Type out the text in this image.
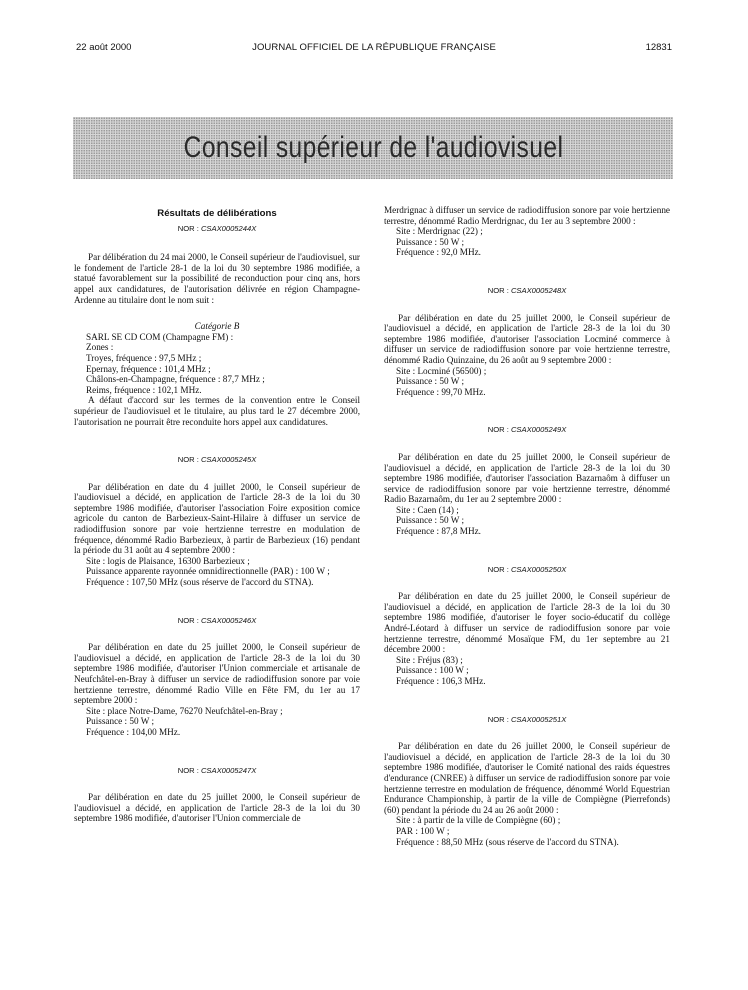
22 août 2000	JOURNAL OFFICIEL DE LA RÉPUBLIQUE FRANÇAISE	12831
Conseil supérieur de l'audiovisuel
Résultats de délibérations
NOR : CSAX0005244X

Par délibération du 24 mai 2000, le Conseil supérieur de l'audiovisuel, sur le fondement de l'article 28-1 de la loi du 30 septembre 1986 modifiée, a statué favorablement sur la possibilité de reconduction pour cinq ans, hors appel aux candidatures, de l'autorisation délivrée en région Champagne-Ardenne au titulaire dont le nom suit :

Catégorie B
SARL SE CD COM (Champagne FM) :
Zones :
Troyes, fréquence : 97,5 MHz ;
Epernay, fréquence : 101,4 MHz ;
Châlons-en-Champagne, fréquence : 87,7 MHz ;
Reims, fréquence : 102,1 MHz.

A défaut d'accord sur les termes de la convention entre le Conseil supérieur de l'audiovisuel et le titulaire, au plus tard le 27 décembre 2000, l'autorisation ne pourrait être reconduite hors appel aux candidatures.

NOR : CSAX0005245X

Par délibération en date du 4 juillet 2000, le Conseil supérieur de l'audiovisuel a décidé, en application de l'article 28-3 de la loi du 30 septembre 1986 modifiée, d'autoriser l'association Foire exposition comice agricole du canton de Barbezieux-Saint-Hilaire à diffuser un service de radiodiffusion sonore par voie hertzienne terrestre en modulation de fréquence, dénommé Radio Barbezieux, à partir de Barbezieux (16) pendant la période du 31 août au 4 septembre 2000 :

Site : logis de Plaisance, 16300 Barbezieux ;
Puissance apparente rayonnée omnidirectionnelle (PAR) : 100 W ;
Fréquence : 107,50 MHz (sous réserve de l'accord du STNA).
NOR : CSAX0005246X

Par délibération en date du 25 juillet 2000, le Conseil supérieur de l'audiovisuel a décidé, en application de l'article 28-3 de la loi du 30 septembre 1986 modifiée, d'autoriser l'Union commerciale et artisanale de Neufchâtel-en-Bray à diffuser un service de radiodiffusion sonore par voie hertzienne terrestre, dénommé Radio Ville en Fête FM, du 1er au 17 septembre 2000 :

Site : place Notre-Dame, 76270 Neufchâtel-en-Bray ;
Puissance : 50 W ;
Fréquence : 104,00 MHz.
NOR : CSAX0005247X

Par délibération en date du 25 juillet 2000, le Conseil supérieur de l'audiovisuel a décidé, en application de l'article 28-3 de la loi du 30 septembre 1986 modifiée, d'autoriser l'Union commerciale de

Merdrignac à diffuser un service de radiodiffusion sonore par voie hertzienne terrestre, dénommé Radio Merdrignac, du 1er au 3 septembre 2000 :

Site : Merdrignac (22) ;
Puissance : 50 W ;
Fréquence : 92,0 MHz.
NOR : CSAX0005248X

Par délibération en date du 25 juillet 2000, le Conseil supérieur de l'audiovisuel a décidé, en application de l'article 28-3 de la loi du 30 septembre 1986 modifiée, d'autoriser l'association Locminé commerce à diffuser un service de radiodiffusion sonore par voie hertzienne terrestre, dénommé Radio Quinzaine, du 26 août au 9 septembre 2000 :

Site : Locminé (56500) ;
Puissance : 50 W ;
Fréquence : 99,70 MHz.
NOR : CSAX0005249X

Par délibération en date du 25 juillet 2000, le Conseil supérieur de l'audiovisuel a décidé, en application de l'article 28-3 de la loi du 30 septembre 1986 modifiée, d'autoriser l'association Bazarnaôm à diffuser un service de radiodiffusion sonore par voie hertzienne terrestre, dénommé Radio Bazarnaôm, du 1er au 2 septembre 2000 :

Site : Caen (14) ;
Puissance : 50 W ;
Fréquence : 87,8 MHz.
NOR : CSAX0005250X

Par délibération en date du 25 juillet 2000, le Conseil supérieur de l'audiovisuel a décidé, en application de l'article 28-3 de la loi du 30 septembre 1986 modifiée, d'autoriser le foyer socio-éducatif du collège André-Léotard à diffuser un service de radiodiffusion sonore par voie hertzienne terrestre, dénommé Mosaïque FM, du 1er septembre au 21 décembre 2000 :

Site : Fréjus (83) ;
Puissance : 100 W ;
Fréquence : 106,3 MHz.
NOR : CSAX0005251X

Par délibération en date du 26 juillet 2000, le Conseil supérieur de l'audiovisuel a décidé, en application de l'article 28-3 de la loi du 30 septembre 1986 modifiée, d'autoriser le Comité national des raids équestres d'endurance (CNREE) à diffuser un service de radiodiffusion sonore par voie hertzienne terrestre en modulation de fréquence, dénommé World Equestrian Endurance Championship, à partir de la ville de Compiègne (Pierrefonds) (60) pendant la période du 24 au 26 août 2000 :

Site : à partir de la ville de Compiègne (60) ;
PAR : 100 W ;
Fréquence : 88,50 MHz (sous réserve de l'accord du STNA).
